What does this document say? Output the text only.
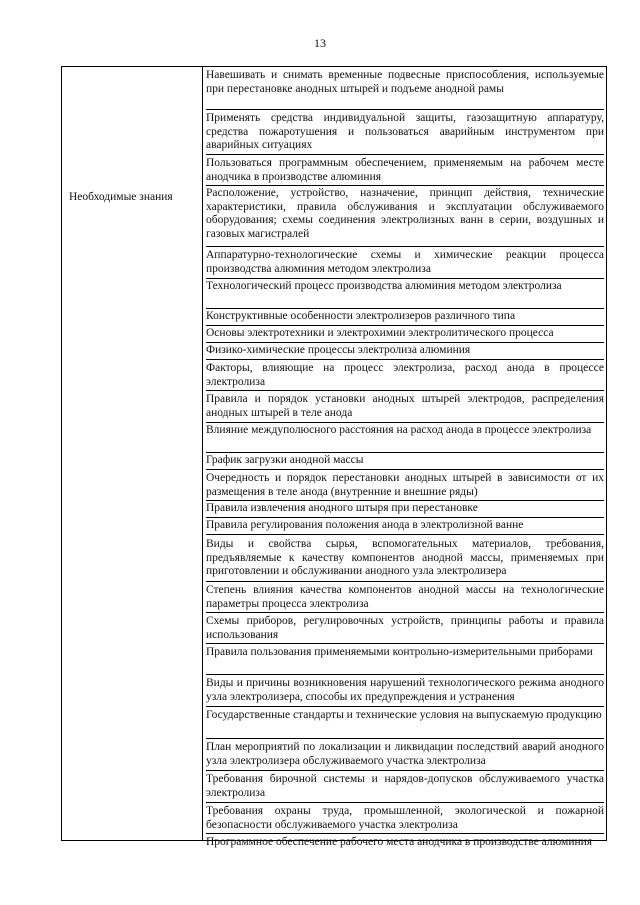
13
Необходимые знания
Навешивать и снимать временные подвесные приспособления, используемые при перестановке анодных штырей и подъеме анодной рамы
Применять средства индивидуальной защиты, газозащитную аппаратуру, средства пожаротушения и пользоваться аварийным инструментом при аварийных ситуациях
Пользоваться программным обеспечением, применяемым на рабочем месте анодчика в производстве алюминия
Расположение, устройство, назначение, принцип действия, технические характеристики, правила обслуживания и эксплуатации обслуживаемого оборудования; схемы соединения электролизных ванн в серии, воздушных и газовых магистралей
Аппаратурно-технологические схемы и химические реакции процесса производства алюминия методом электролиза
Технологический процесс производства алюминия методом электролиза
Конструктивные особенности электролизеров различного типа
Основы электротехники и электрохимии электролитического процесса
Физико-химические процессы электролиза алюминия
Факторы, влияющие на процесс электролиза, расход анода в процессе электролиза
Правила и порядок установки анодных штырей электродов, распределения анодных штырей в теле анода
Влияние междуполюсного расстояния на расход анода в процессе электролиза
График загрузки анодной массы
Очередность и порядок перестановки анодных штырей в зависимости от их размещения в теле анода (внутренние и внешние ряды)
Правила извлечения анодного штыря при перестановке
Правила регулирования положения анода в электролизной ванне
Виды и свойства сырья, вспомогательных материалов, требования, предъявляемые к качеству компонентов анодной массы, применяемых при приготовлении и обслуживании анодного узла электролизера
Степень влияния качества компонентов анодной массы на технологические параметры процесса электролиза
Схемы приборов, регулировочных устройств, принципы работы и правила использования
Правила пользования применяемыми контрольно-измерительными приборами
Виды и причины возникновения нарушений технологического режима анодного узла электролизера, способы их предупреждения и устранения
Государственные стандарты и технические условия на выпускаемую продукцию
План мероприятий по локализации и ликвидации последствий аварий анодного узла электролизера обслуживаемого участка электролиза
Требования бирочной системы и нарядов-допусков обслуживаемого участка электролиза
Требования охраны труда, промышленной, экологической и пожарной безопасности обслуживаемого участка электролиза
Программное обеспечение рабочего места анодчика в производстве алюминия
